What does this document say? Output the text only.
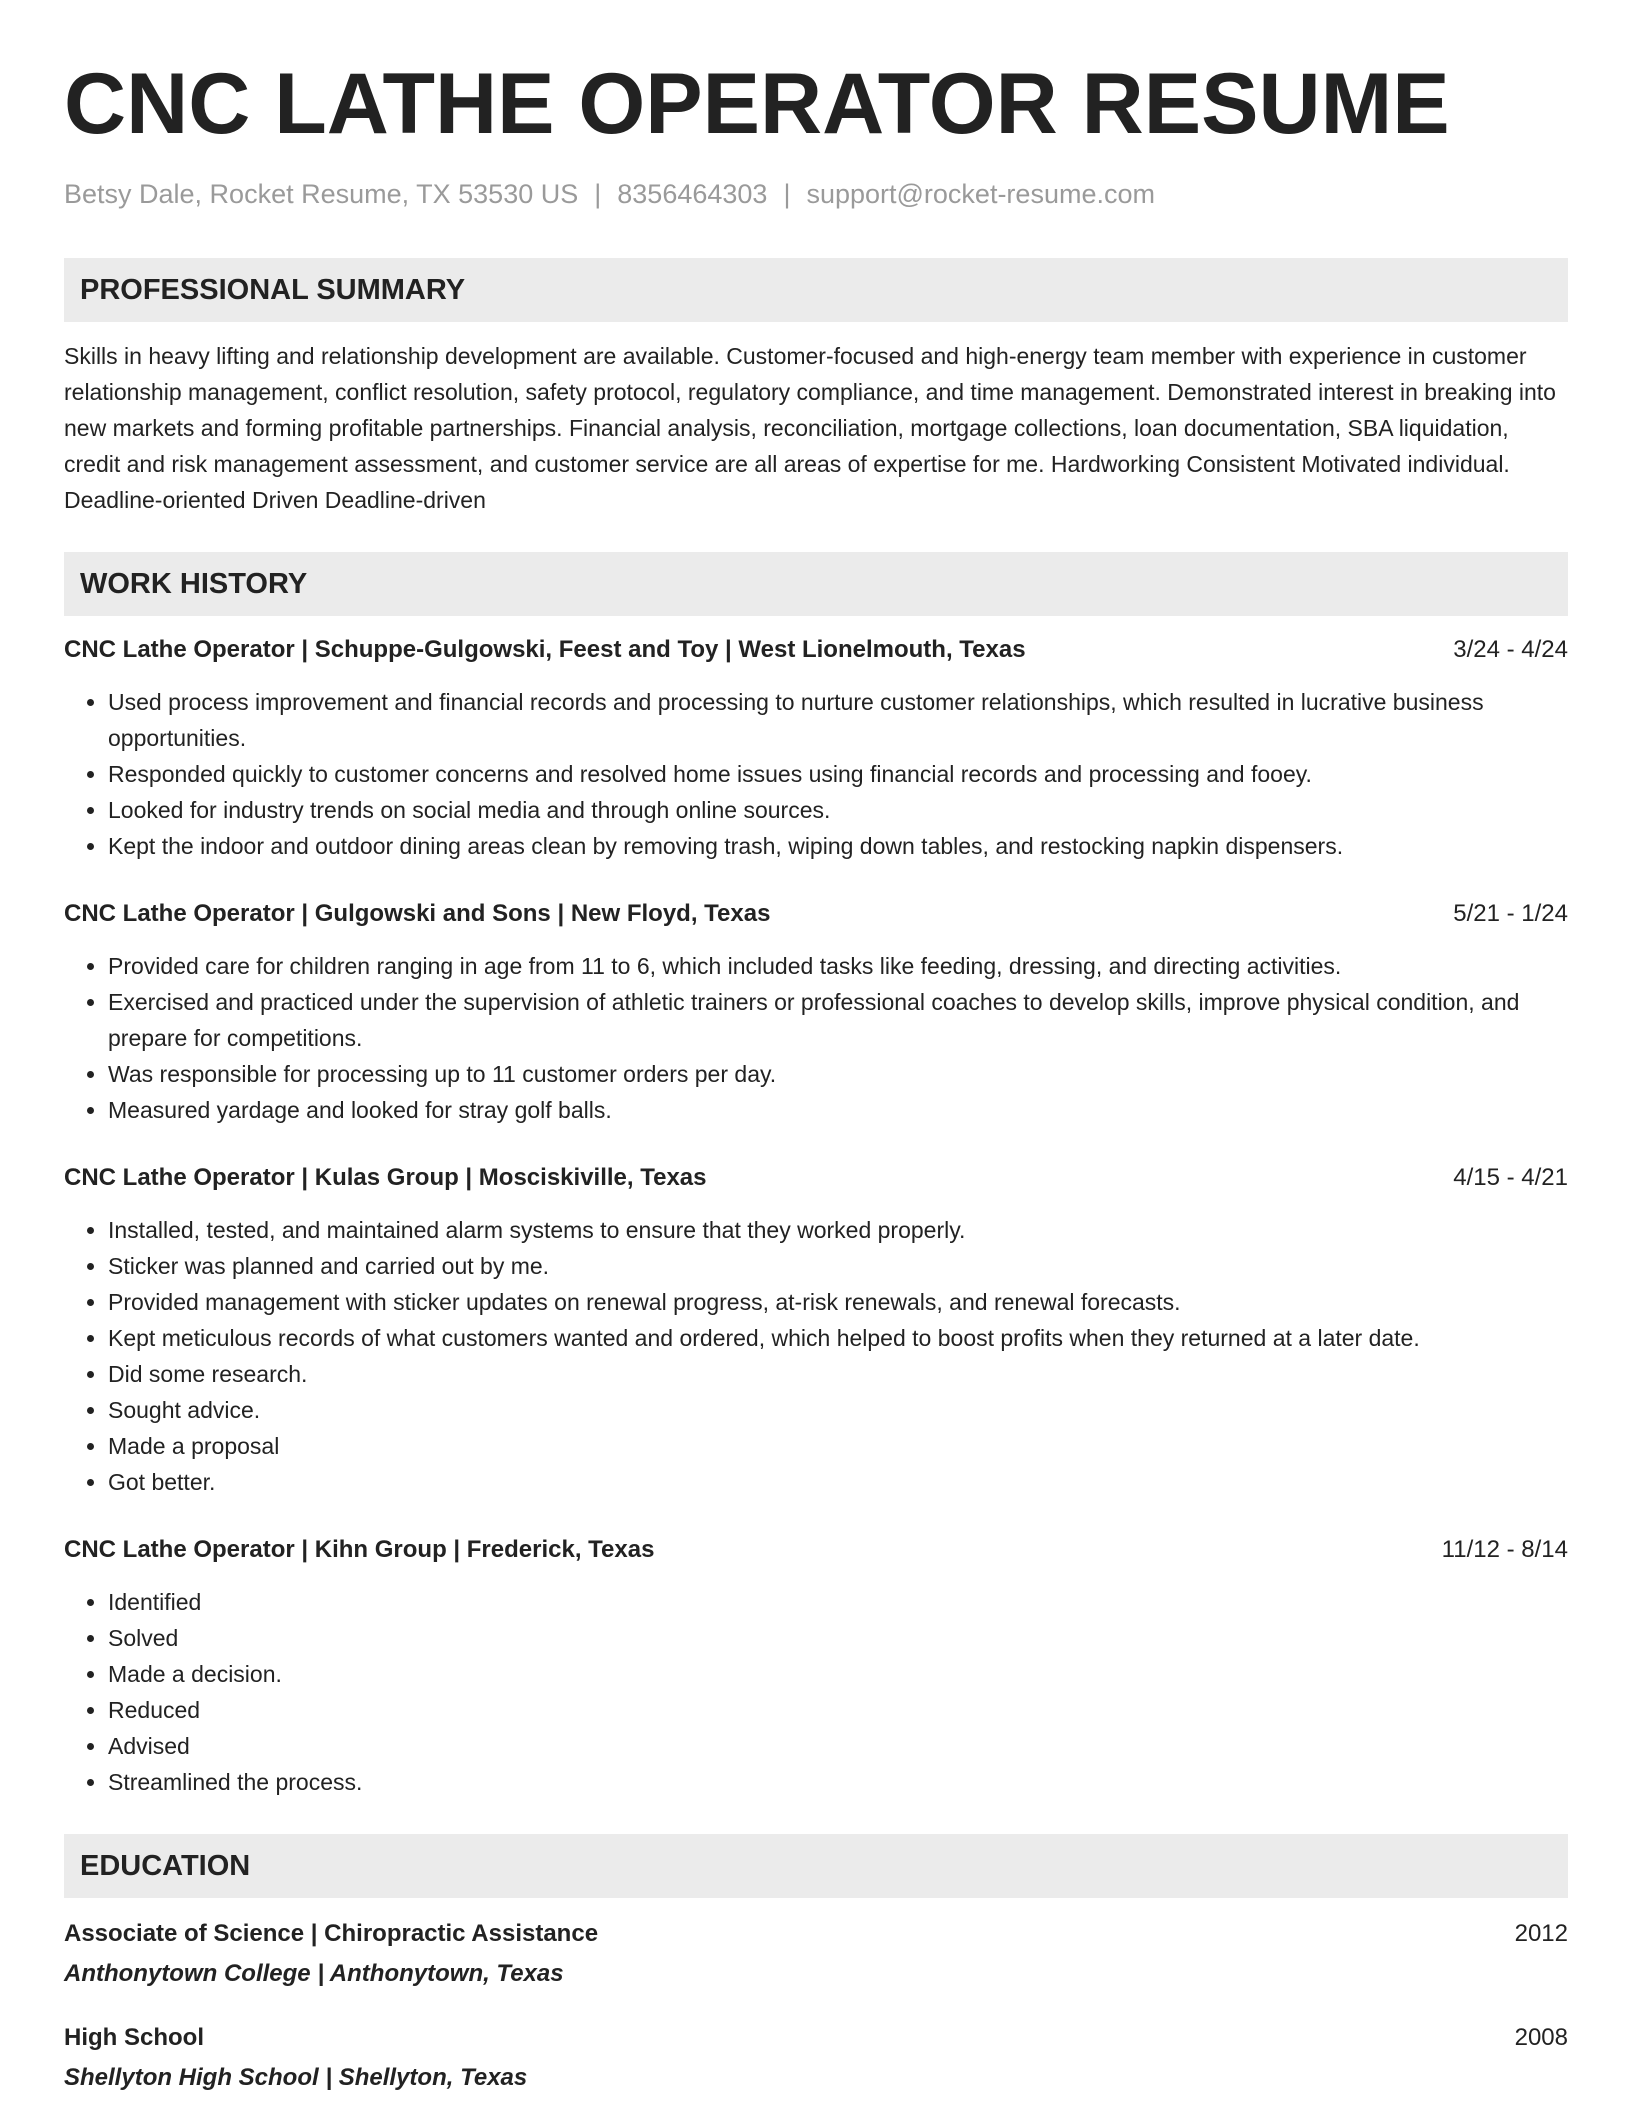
CNC LATHE OPERATOR RESUME
Betsy Dale, Rocket Resume, TX 53530 US | 8356464303 | support@rocket-resume.com
PROFESSIONAL SUMMARY
Skills in heavy lifting and relationship development are available. Customer-focused and high-energy team member with experience in customer relationship management, conflict resolution, safety protocol, regulatory compliance, and time management. Demonstrated interest in breaking into new markets and forming profitable partnerships. Financial analysis, reconciliation, mortgage collections, loan documentation, SBA liquidation, credit and risk management assessment, and customer service are all areas of expertise for me. Hardworking Consistent Motivated individual. Deadline-oriented Driven Deadline-driven
WORK HISTORY
CNC Lathe Operator | Schuppe-Gulgowski, Feest and Toy | West Lionelmouth, Texas	3/24 - 4/24
• Used process improvement and financial records and processing to nurture customer relationships, which resulted in lucrative business opportunities.
• Responded quickly to customer concerns and resolved home issues using financial records and processing and fooey.
• Looked for industry trends on social media and through online sources.
• Kept the indoor and outdoor dining areas clean by removing trash, wiping down tables, and restocking napkin dispensers.
CNC Lathe Operator | Gulgowski and Sons | New Floyd, Texas	5/21 - 1/24
• Provided care for children ranging in age from 11 to 6, which included tasks like feeding, dressing, and directing activities.
• Exercised and practiced under the supervision of athletic trainers or professional coaches to develop skills, improve physical condition, and prepare for competitions.
• Was responsible for processing up to 11 customer orders per day.
• Measured yardage and looked for stray golf balls.
CNC Lathe Operator | Kulas Group | Mosciskiville, Texas	4/15 - 4/21
• Installed, tested, and maintained alarm systems to ensure that they worked properly.
• Sticker was planned and carried out by me.
• Provided management with sticker updates on renewal progress, at-risk renewals, and renewal forecasts.
• Kept meticulous records of what customers wanted and ordered, which helped to boost profits when they returned at a later date.
• Did some research.
• Sought advice.
• Made a proposal
• Got better.
CNC Lathe Operator | Kihn Group | Frederick, Texas	11/12 - 8/14
• Identified
• Solved
• Made a decision.
• Reduced
• Advised
• Streamlined the process.
EDUCATION
Associate of Science | Chiropractic Assistance	2012
Anthonytown College | Anthonytown, Texas
High School	2008
Shellyton High School | Shellyton, Texas
